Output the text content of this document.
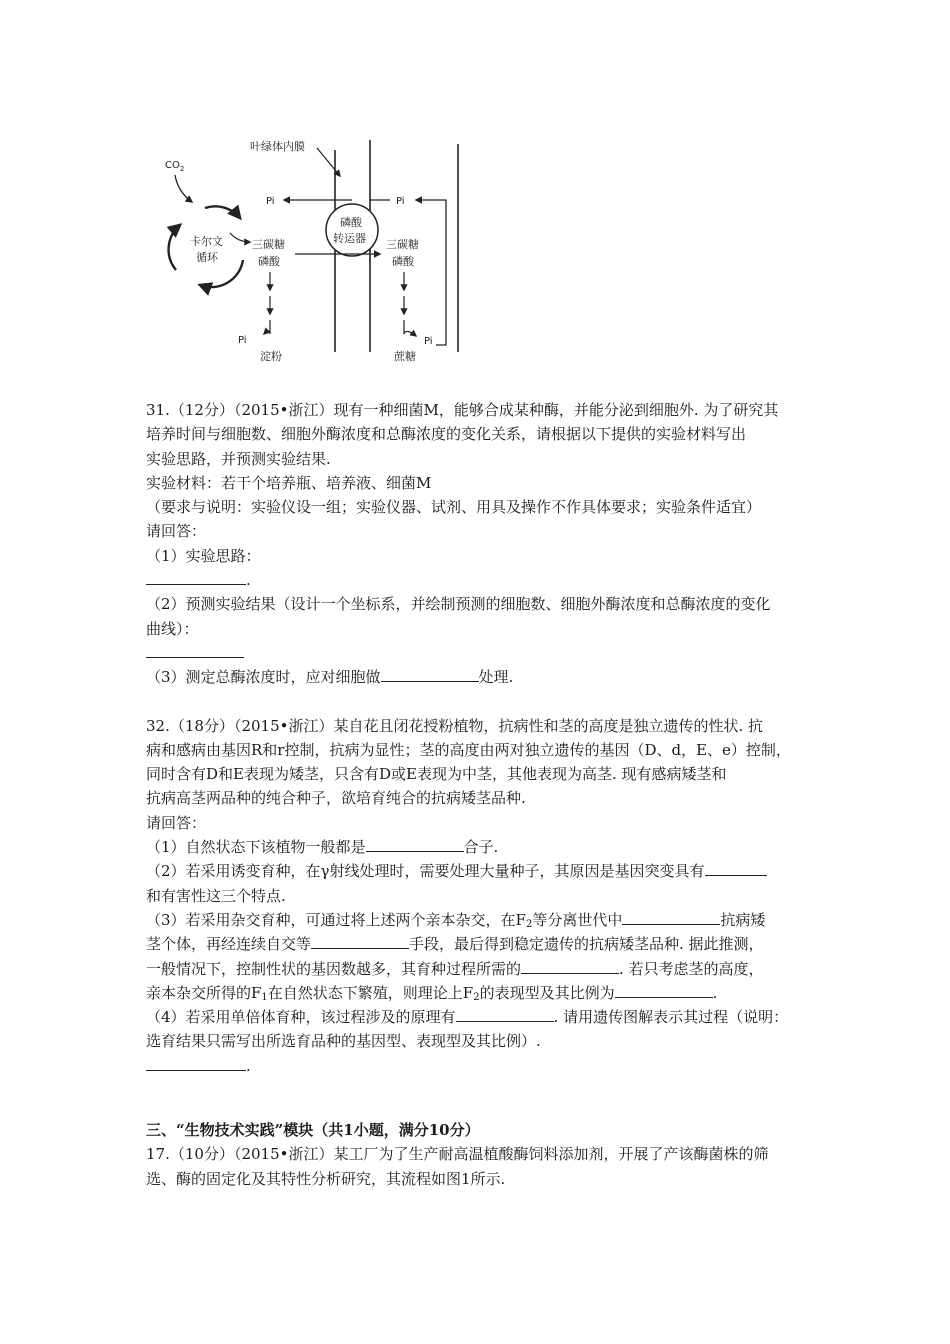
叶绿体内膜
$CO_2$
卡尔文
循环
Pi	Pi
磷酸
转运器
三碳糖
磷酸
三碳糖
磷酸
Pi
淀粉
Pi
蔗糖
31.（12分）（2015•浙江）现有一种细菌M，能够合成某种酶，并能分泌到细胞外. 为了研究其
培养时间与细胞数、细胞外酶浓度和总酶浓度的变化关系，请根据以下提供的实验材料写出
实验思路，并预测实验结果.
实验材料：若干个培养瓶、培养液、细菌M
（要求与说明：实验仪设一组；实验仪器、试剂、用具及操作不作具体要求；实验条件适宜）
请回答：
（1）实验思路：
.
（2）预测实验结果（设计一个坐标系，并绘制预测的细胞数、细胞外酶浓度和总酶浓度的变化
曲线）：
（3）测定总酶浓度时，应对细胞做	处理.
32.（18分）（2015•浙江）某自花且闭花授粉植物，抗病性和茎的高度是独立遗传的性状. 抗
病和感病由基因R和r控制，抗病为显性；茎的高度由两对独立遗传的基因（D、d，E、e）控制，
同时含有D和E表现为矮茎，只含有D或E表现为中茎，其他表现为高茎. 现有感病矮茎和
抗病高茎两品种的纯合种子，欲培育纯合的抗病矮茎品种.
请回答：
（1）自然状态下该植物一般都是	合子.
（2）若采用诱变育种，在γ射线处理时，需要处理大量种子，其原因是基因突变具有
和有害性这三个特点.
（3）若采用杂交育种，可通过将上述两个亲本杂交，在$F_2$等分离世代中	抗病矮
茎个体，再经连续自交等	手段，最后得到稳定遗传的抗病矮茎品种. 据此推测，
一般情况下，控制性状的基因数越多，其育种过程所需的	. 若只考虑茎的高度，
亲本杂交所得的$F_1$在自然状态下繁殖，则理论上$F_2$的表现型及其比例为	.
（4）若采用单倍体育种，该过程涉及的原理有	. 请用遗传图解表示其过程（说明：
选育结果只需写出所选育品种的基因型、表现型及其比例）.
.
三、“生物技术实践”模块（共1小题，满分10分）
17.（10分）（2015•浙江）某工厂为了生产耐高温植酸酶饲料添加剂，开展了产该酶菌株的筛
选、酶的固定化及其特性分析研究，其流程如图1所示.
